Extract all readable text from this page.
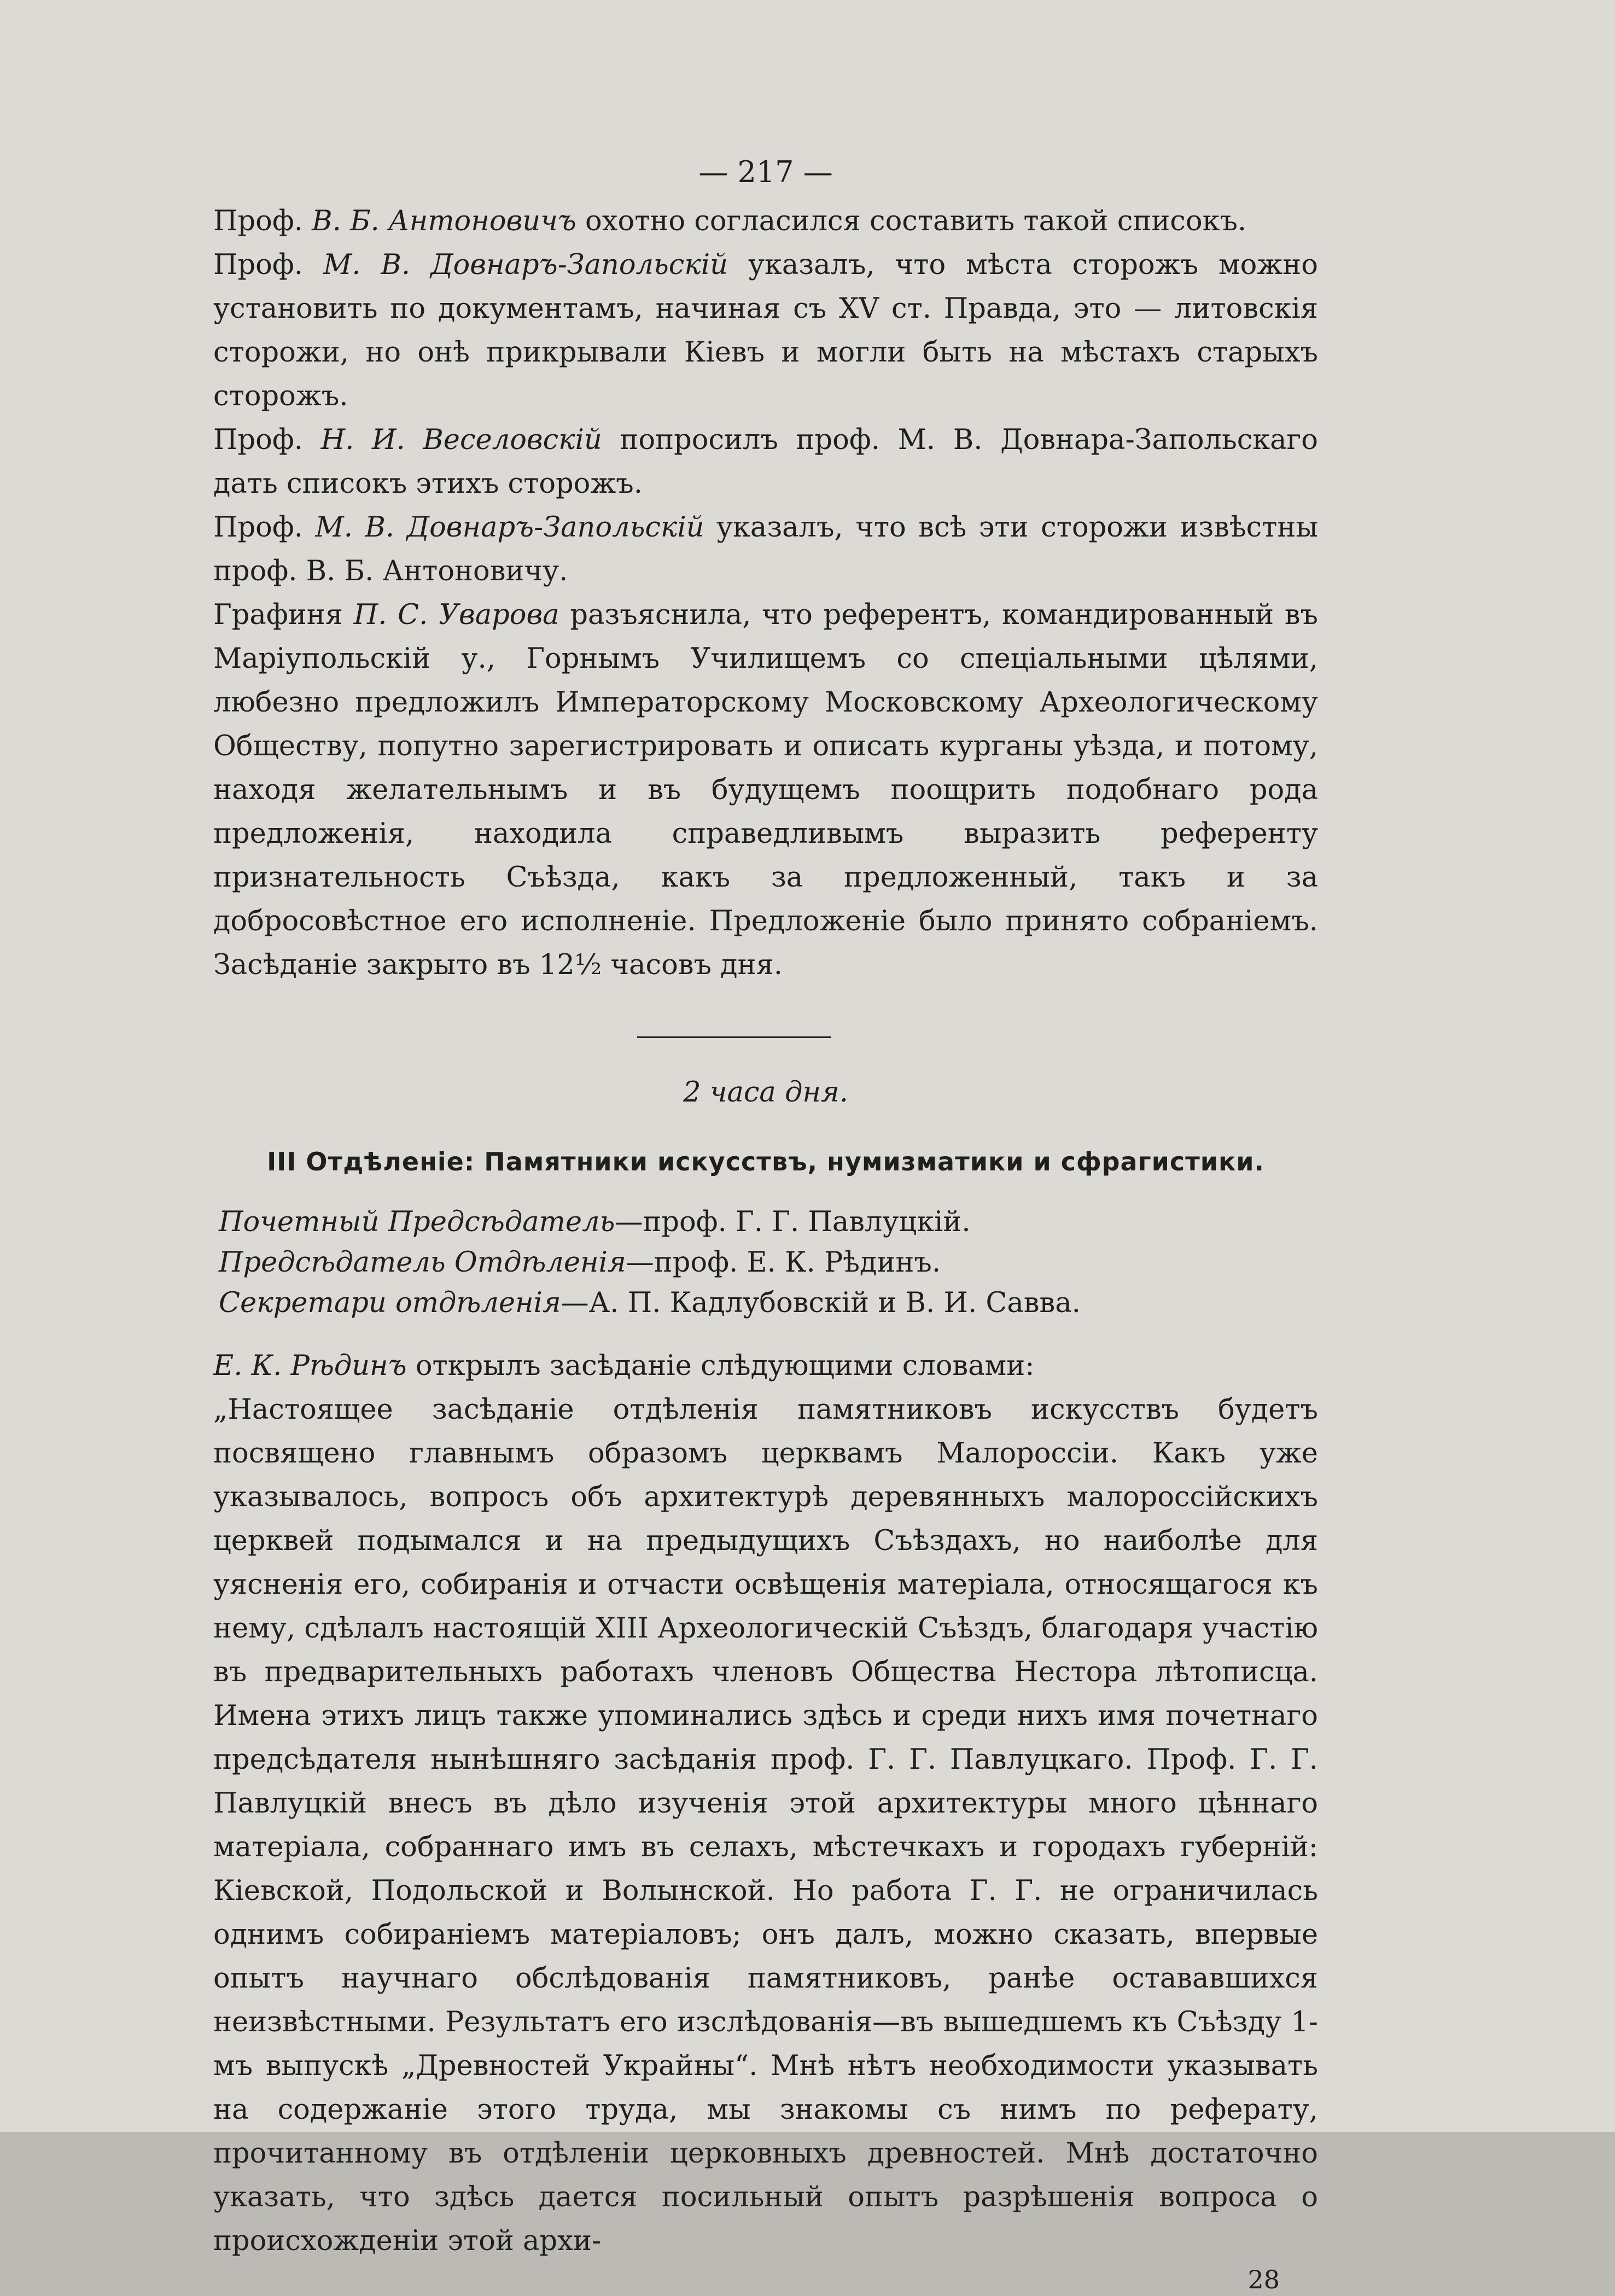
— 217 —

Проф. В. Б. Антоновичъ охотно согласился составить такой списокъ.

Проф. М. В. Довнаръ-Запольскій указалъ, что мѣста сторожъ можно установить по документамъ, начиная съ XV ст. Правда, это — литовскія сторожи, но онѣ прикрывали Кіевъ и могли быть на мѣстахъ старыхъ сторожъ.

Проф. Н. И. Веселовскій попросилъ проф. М. В. Довнара-Запольскаго дать списокъ этихъ сторожъ.

Проф. М. В. Довнаръ-Запольскій указалъ, что всѣ эти сторожи извѣстны проф. В. Б. Антоновичу.

Графиня П. С. Уварова разъяснила, что референтъ, командированный въ Маріупольскій у., Горнымъ Училищемъ со спеціальными цѣлями, любезно предложилъ Императорскому Московскому Археологическому Обществу, попутно зарегистрировать и описать курганы уѣзда, и потому, находя желательнымъ и въ будущемъ поощрить подобнаго рода предложенія, находила справедливымъ выразить референту признательность Съѣзда, какъ за предложенный, такъ и за добросовѣстное его исполненіе. Предложеніе было принято собраніемъ. Засѣданіе закрыто въ 12½ часовъ дня.

2 часа дня.
III Отдѣленіе: Памятники искусствъ, нумизматики и сфрагистики.
Почетный Предсѣдатель—проф. Г. Г. Павлуцкій.
Предсѣдатель Отдѣленія—проф. Е. К. Рѣдинъ.
Секретари отдѣленія—А. П. Кадлубовскій и В. И. Савва.

Е. К. Рѣдинъ открылъ засѣданіе слѣдующими словами:

„Настоящее засѣданіе отдѣленія памятниковъ искусствъ будетъ посвящено главнымъ образомъ церквамъ Малороссіи. Какъ уже указывалось, вопросъ объ архитектурѣ деревянныхъ малороссійскихъ церквей подымался и на предыдущихъ Съѣздахъ, но наиболѣе для уясненія его, собиранія и отчасти освѣщенія матеріала, относящагося къ нему, сдѣлалъ настоящій XIII Археологическій Съѣздъ, благодаря участію въ предварительныхъ работахъ членовъ Общества Нестора лѣтописца. Имена этихъ лицъ также упоминались здѣсь и среди нихъ имя почетнаго предсѣдателя нынѣшняго засѣданія проф. Г. Г. Павлуцкаго. Проф. Г. Г. Павлуцкій внесъ въ дѣло изученія этой архитектуры много цѣннаго матеріала, собраннаго имъ въ селахъ, мѣстечкахъ и городахъ губерній: Кіевской, Подольской и Волынской. Но работа Г. Г. не ограничилась однимъ собираніемъ матеріаловъ; онъ далъ, можно сказать, впервые опытъ научнаго обслѣдованія памятниковъ, ранѣе остававшихся неизвѣстными. Результатъ его изслѣдованія—въ вышедшемъ къ Съѣзду 1-мъ выпускѣ „Древностей Украйны“. Мнѣ нѣтъ необходимости указывать на содержаніе этого труда, мы знакомы съ нимъ по реферату, прочитанному въ отдѣленіи церковныхъ древностей. Мнѣ достаточно указать, что здѣсь дается посильный опытъ разрѣшенія вопроса о происхожденіи этой архи-

28
